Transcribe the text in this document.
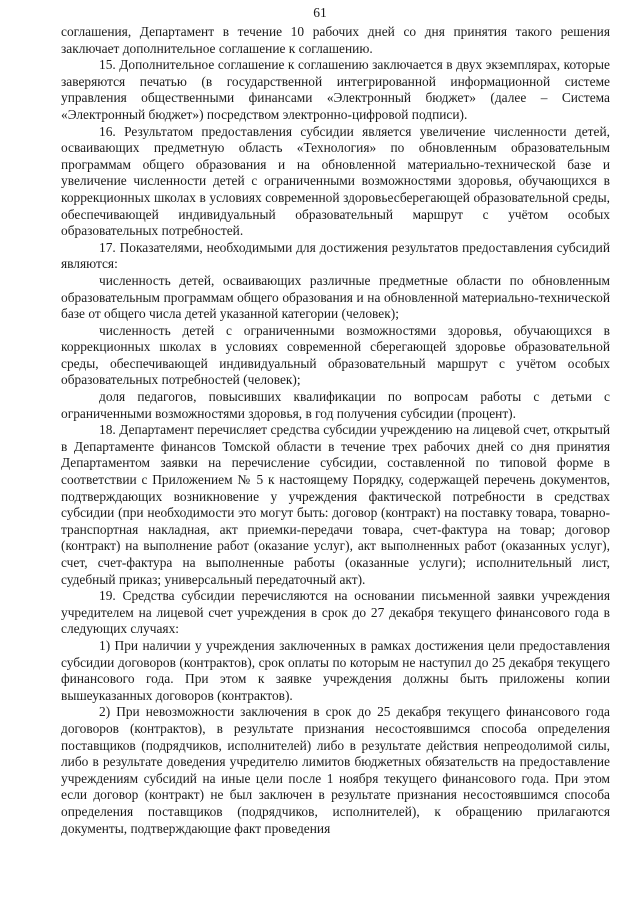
61

соглашения, Департамент в течение 10 рабочих дней со дня принятия такого решения заключает дополнительное соглашение к соглашению.

15. Дополнительное соглашение к соглашению заключается в двух экземплярах, которые заверяются печатью (в государственной интегрированной информационной системе управления общественными финансами «Электронный бюджет» (далее – Система «Электронный бюджет») посредством электронно-цифровой подписи).

16. Результатом предоставления субсидии является увеличение численности детей, осваивающих предметную область «Технология» по обновленным образовательным программам общего образования и на обновленной материально-технической базе и увеличение численности детей с ограниченными возможностями здоровья, обучающихся в коррекционных школах в условиях современной здоровьесберегающей образовательной среды, обеспечивающей индивидуальный образовательный маршрут с учётом особых образовательных потребностей.

17. Показателями, необходимыми для достижения результатов предоставления субсидий являются:

численность детей, осваивающих различные предметные области по обновленным образовательным программам общего образования и на обновленной материально-технической базе от общего числа детей указанной категории (человек);

численность детей с ограниченными возможностями здоровья, обучающихся в коррекционных школах в условиях современной сберегающей здоровье образовательной среды, обеспечивающей индивидуальный образовательный маршрут с учётом особых образовательных потребностей (человек);

доля педагогов, повысивших квалификации по вопросам работы с детьми с ограниченными возможностями здоровья, в год получения субсидии (процент).

18. Департамент перечисляет средства субсидии учреждению на лицевой счет, открытый в Департаменте финансов Томской области в течение трех рабочих дней со дня принятия Департаментом заявки на перечисление субсидии, составленной по типовой форме в соответствии с Приложением № 5 к настоящему Порядку, содержащей перечень документов, подтверждающих возникновение у учреждения фактической потребности в средствах субсидии (при необходимости это могут быть: договор (контракт) на поставку товара, товарно-транспортная накладная, акт приемки-передачи товара, счет-фактура на товар; договор (контракт) на выполнение работ (оказание услуг), акт выполненных работ (оказанных услуг), счет, счет-фактура на выполненные работы (оказанные услуги); исполнительный лист, судебный приказ; универсальный передаточный акт).

19. Средства субсидии перечисляются на основании письменной заявки учреждения учредителем на лицевой счет учреждения в срок до 27 декабря текущего финансового года в следующих случаях:

1) При наличии у учреждения заключенных в рамках достижения цели предоставления субсидии договоров (контрактов), срок оплаты по которым не наступил до 25 декабря текущего финансового года. При этом к заявке учреждения должны быть приложены копии вышеуказанных договоров (контрактов).

2) При невозможности заключения в срок до 25 декабря текущего финансового года договоров (контрактов), в результате признания несостоявшимся способа определения поставщиков (подрядчиков, исполнителей) либо в результате действия непреодолимой силы, либо в результате доведения учредителю лимитов бюджетных обязательств на предоставление учреждениям субсидий на иные цели после 1 ноября текущего финансового года. При этом если договор (контракт) не был заключен в результате признания несостоявшимся способа определения поставщиков (подрядчиков, исполнителей), к обращению прилагаются документы, подтверждающие факт проведения
